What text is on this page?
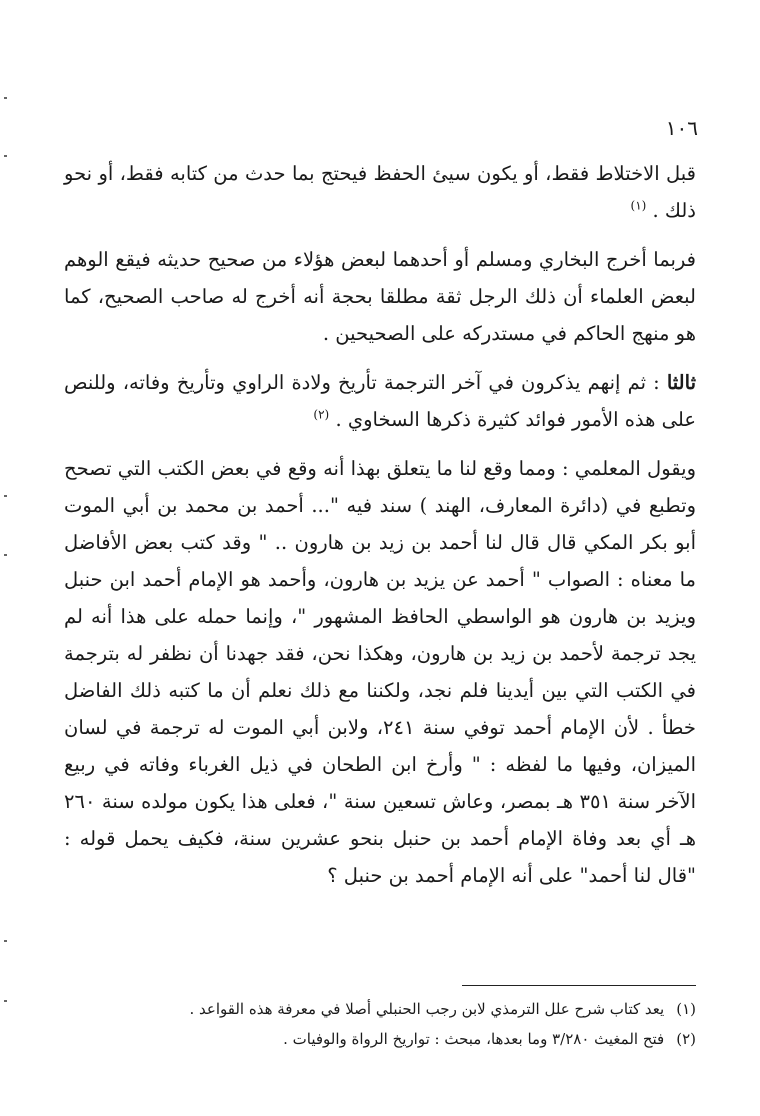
١٠٦

قبل الاختلاط فقط، أو يكون سيئ الحفظ فيحتج بما حدث من كتابه فقط، أو نحو ذلك . $^{(١)}$

فربما أخرج البخاري ومسلم أو أحدهما لبعض هؤلاء من صحيح حديثه فيقع الوهم لبعض العلماء أن ذلك الرجل ثقة مطلقا بحجة أنه أخرج له صاحب الصحيح، كما هو منهج الحاكم في مستدركه على الصحيحين .

ثالثا : ثم إنهم يذكرون في آخر الترجمة تأريخ ولادة الراوي وتأريخ وفاته، وللنص على هذه الأمور فوائد كثيرة ذكرها السخاوي . $^{(٢)}$

ويقول المعلمي : ومما وقع لنا ما يتعلق بهذا أنه وقع في بعض الكتب التي تصحح وتطبع في (دائرة المعارف، الهند ) سند فيه "... أحمد بن محمد بن أبي الموت أبو بكر المكي قال قال لنا أحمد بن زيد بن هارون .. " وقد كتب بعض الأفاضل ما معناه : الصواب " أحمد عن يزيد بن هارون، وأحمد هو الإمام أحمد ابن حنبل ويزيد بن هارون هو الواسطي الحافظ المشهور "، وإنما حمله على هذا أنه لم يجد ترجمة لأحمد بن زيد بن هارون، وهكذا نحن، فقد جهدنا أن نظفر له بترجمة في الكتب التي بين أيدينا فلم نجد، ولكننا مع ذلك نعلم أن ما كتبه ذلك الفاضل خطأ . لأن الإمام أحمد توفي سنة ٢٤١، ولابن أبي الموت له ترجمة في لسان الميزان، وفيها ما لفظه : " وأرخ ابن الطحان في ذيل الغرباء وفاته في ربيع الآخر سنة ٣٥١ هـ بمصر، وعاش تسعين سنة "، فعلى هذا يكون مولده سنة ٢٦٠ هـ أي بعد وفاة الإمام أحمد بن حنبل بنحو عشرين سنة، فكيف يحمل قوله : "قال لنا أحمد" على أنه الإمام أحمد بن حنبل ؟

(١)يعد كتاب شرح علل الترمذي لابن رجب الحنبلي أصلا في معرفة هذه القواعد .

(٢)فتح المغيث ٣/٢٨٠ وما بعدها، مبحث : تواريخ الرواة والوفيات .
